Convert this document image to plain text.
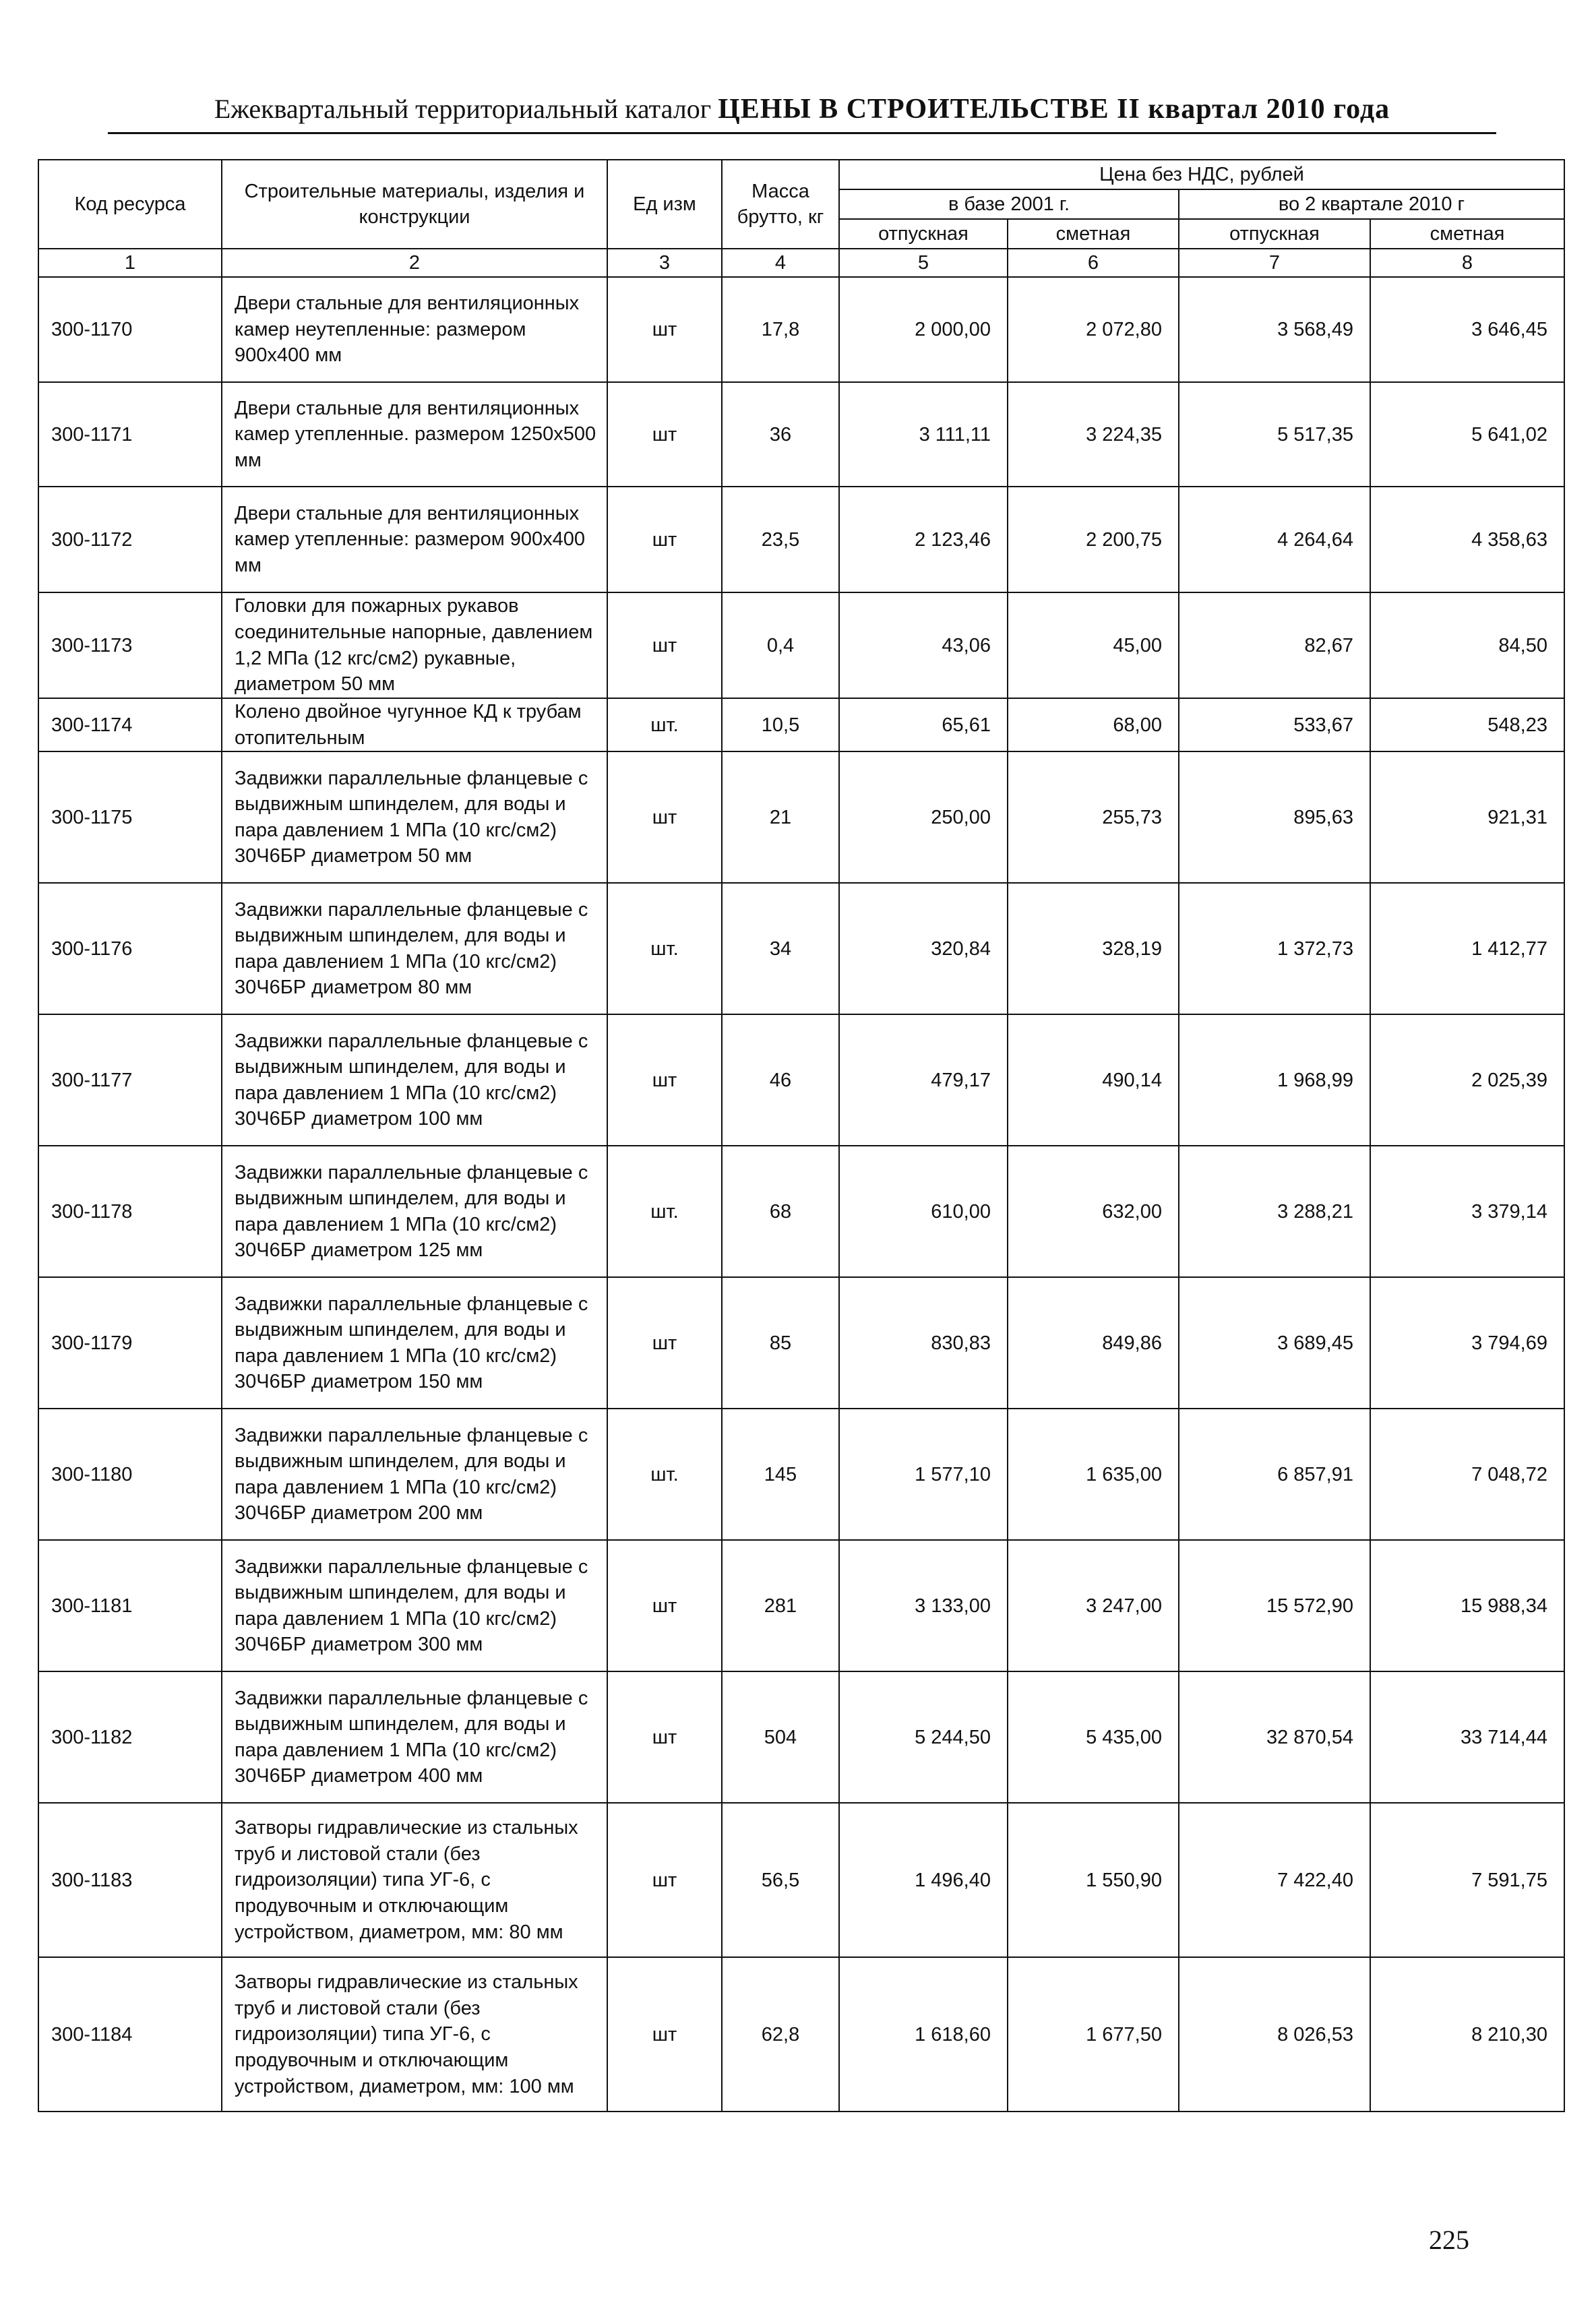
Ежеквартальный территориальный каталог ЦЕНЫ В СТРОИТЕЛЬСТВЕ II квартал 2010 года
Код ресурса	Строительные материалы, изделия и конструкции	Ед изм	Масса брутто, кг	Цена без НДС, рублей			
				в базе 2001 г.		во 2 квартале 2010 г	
				отпускная	сметная	отпускная	сметная
1	2	3	4	5	6	7	8
300-1170	Двери стальные для вентиляционных камер неутепленные: размером 900х400 мм	шт	17,8	2 000,00	2 072,80	3 568,49	3 646,45
300-1171	Двери стальные для вентиляционных камер утепленные. размером 1250х500 мм	шт	36	3 111,11	3 224,35	5 517,35	5 641,02
300-1172	Двери стальные для вентиляционных камер утепленные: размером 900х400 мм	шт	23,5	2 123,46	2 200,75	4 264,64	4 358,63
300-1173	Головки для пожарных рукавов соединительные напорные, давлением 1,2 МПа (12 кгс/см2) рукавные, диаметром 50 мм	шт	0,4	43,06	45,00	82,67	84,50
300-1174	Колено двойное чугунное КД к трубам отопительным	шт.	10,5	65,61	68,00	533,67	548,23
300-1175	Задвижки параллельные фланцевые с выдвижным шпинделем, для воды и пара давлением 1 МПа (10 кгс/см2) 30Ч6БР диаметром 50 мм	шт	21	250,00	255,73	895,63	921,31
300-1176	Задвижки параллельные фланцевые с выдвижным шпинделем, для воды и пара давлением 1 МПа (10 кгс/см2) 30Ч6БР диаметром 80 мм	шт.	34	320,84	328,19	1 372,73	1 412,77
300-1177	Задвижки параллельные фланцевые с выдвижным шпинделем, для воды и пара давлением 1 МПа (10 кгс/см2) 30Ч6БР диаметром 100 мм	шт	46	479,17	490,14	1 968,99	2 025,39
300-1178	Задвижки параллельные фланцевые с выдвижным шпинделем, для воды и пара давлением 1 МПа (10 кгс/см2) 30Ч6БР диаметром 125 мм	шт.	68	610,00	632,00	3 288,21	3 379,14
300-1179	Задвижки параллельные фланцевые с выдвижным шпинделем, для воды и пара давлением 1 МПа (10 кгс/см2) 30Ч6БР диаметром 150 мм	шт	85	830,83	849,86	3 689,45	3 794,69
300-1180	Задвижки параллельные фланцевые с выдвижным шпинделем, для воды и пара давлением 1 МПа (10 кгс/см2) 30Ч6БР диаметром 200 мм	шт.	145	1 577,10	1 635,00	6 857,91	7 048,72
300-1181	Задвижки параллельные фланцевые с выдвижным шпинделем, для воды и пара давлением 1 МПа (10 кгс/см2) 30Ч6БР диаметром 300 мм	шт	281	3 133,00	3 247,00	15 572,90	15 988,34
300-1182	Задвижки параллельные фланцевые с выдвижным шпинделем, для воды и пара давлением 1 МПа (10 кгс/см2) 30Ч6БР диаметром 400 мм	шт	504	5 244,50	5 435,00	32 870,54	33 714,44
300-1183	Затворы гидравлические из стальных труб и листовой стали (без гидроизоляции) типа УГ-6, с продувочным и отключающим устройством, диаметром, мм: 80 мм	шт	56,5	1 496,40	1 550,90	7 422,40	7 591,75
300-1184	Затворы гидравлические из стальных труб и листовой стали (без гидроизоляции) типа УГ-6, с продувочным и отключающим устройством, диаметром, мм: 100 мм	шт	62,8	1 618,60	1 677,50	8 026,53	8 210,30
225
